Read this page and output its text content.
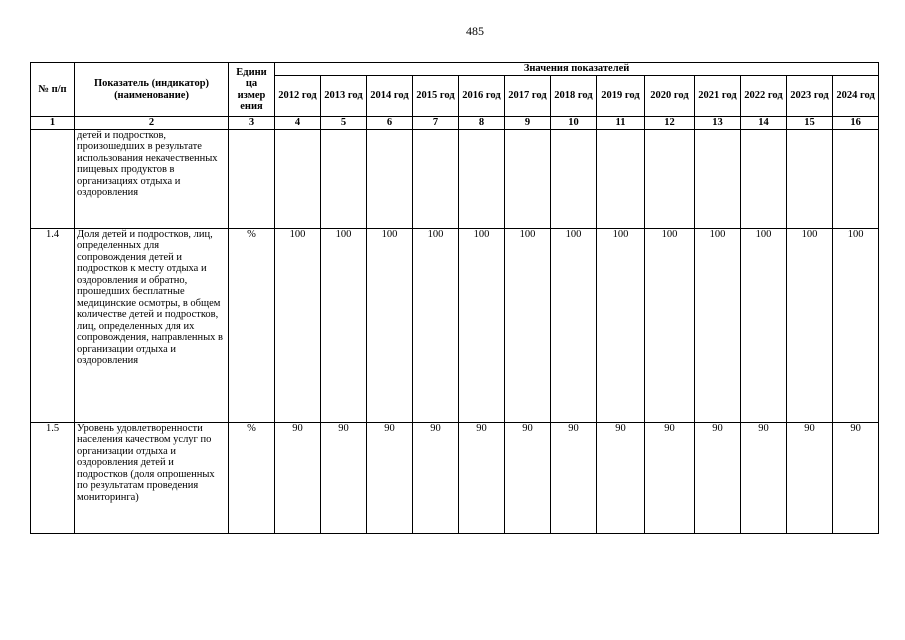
485
№ п/п	Показатель (индикатор) (наименование)	Едини ца измер ения	Значения показателей												
			2012 год	2013 год	2014 год	2015 год	2016 год	2017 год	2018 год	2019 год	2020 год	2021 год	2022 год	2023 год	2024 год
1	2	3	4	5	6	7	8	9	10	11	12	13	14	15	16
	детей и подростков, произошедших в результате использования некачественных пищевых продуктов в организациях отдыха и оздоровления														
1.4	Доля детей и подростков, лиц, определенных для сопровождения детей и подростков к месту отдыха и оздоровления и обратно, прошедших бесплатные медицинские осмотры, в общем количестве детей и подростков, лиц, определенных для их сопровождения, направленных в организации отдыха и оздоровления	%	100	100	100	100	100	100	100	100	100	100	100	100	100
1.5	Уровень удовлетворенности населения качеством услуг по организации отдыха и оздоровления детей и подростков (доля опрошенных по результатам проведения мониторинга)	%	90	90	90	90	90	90	90	90	90	90	90	90	90
